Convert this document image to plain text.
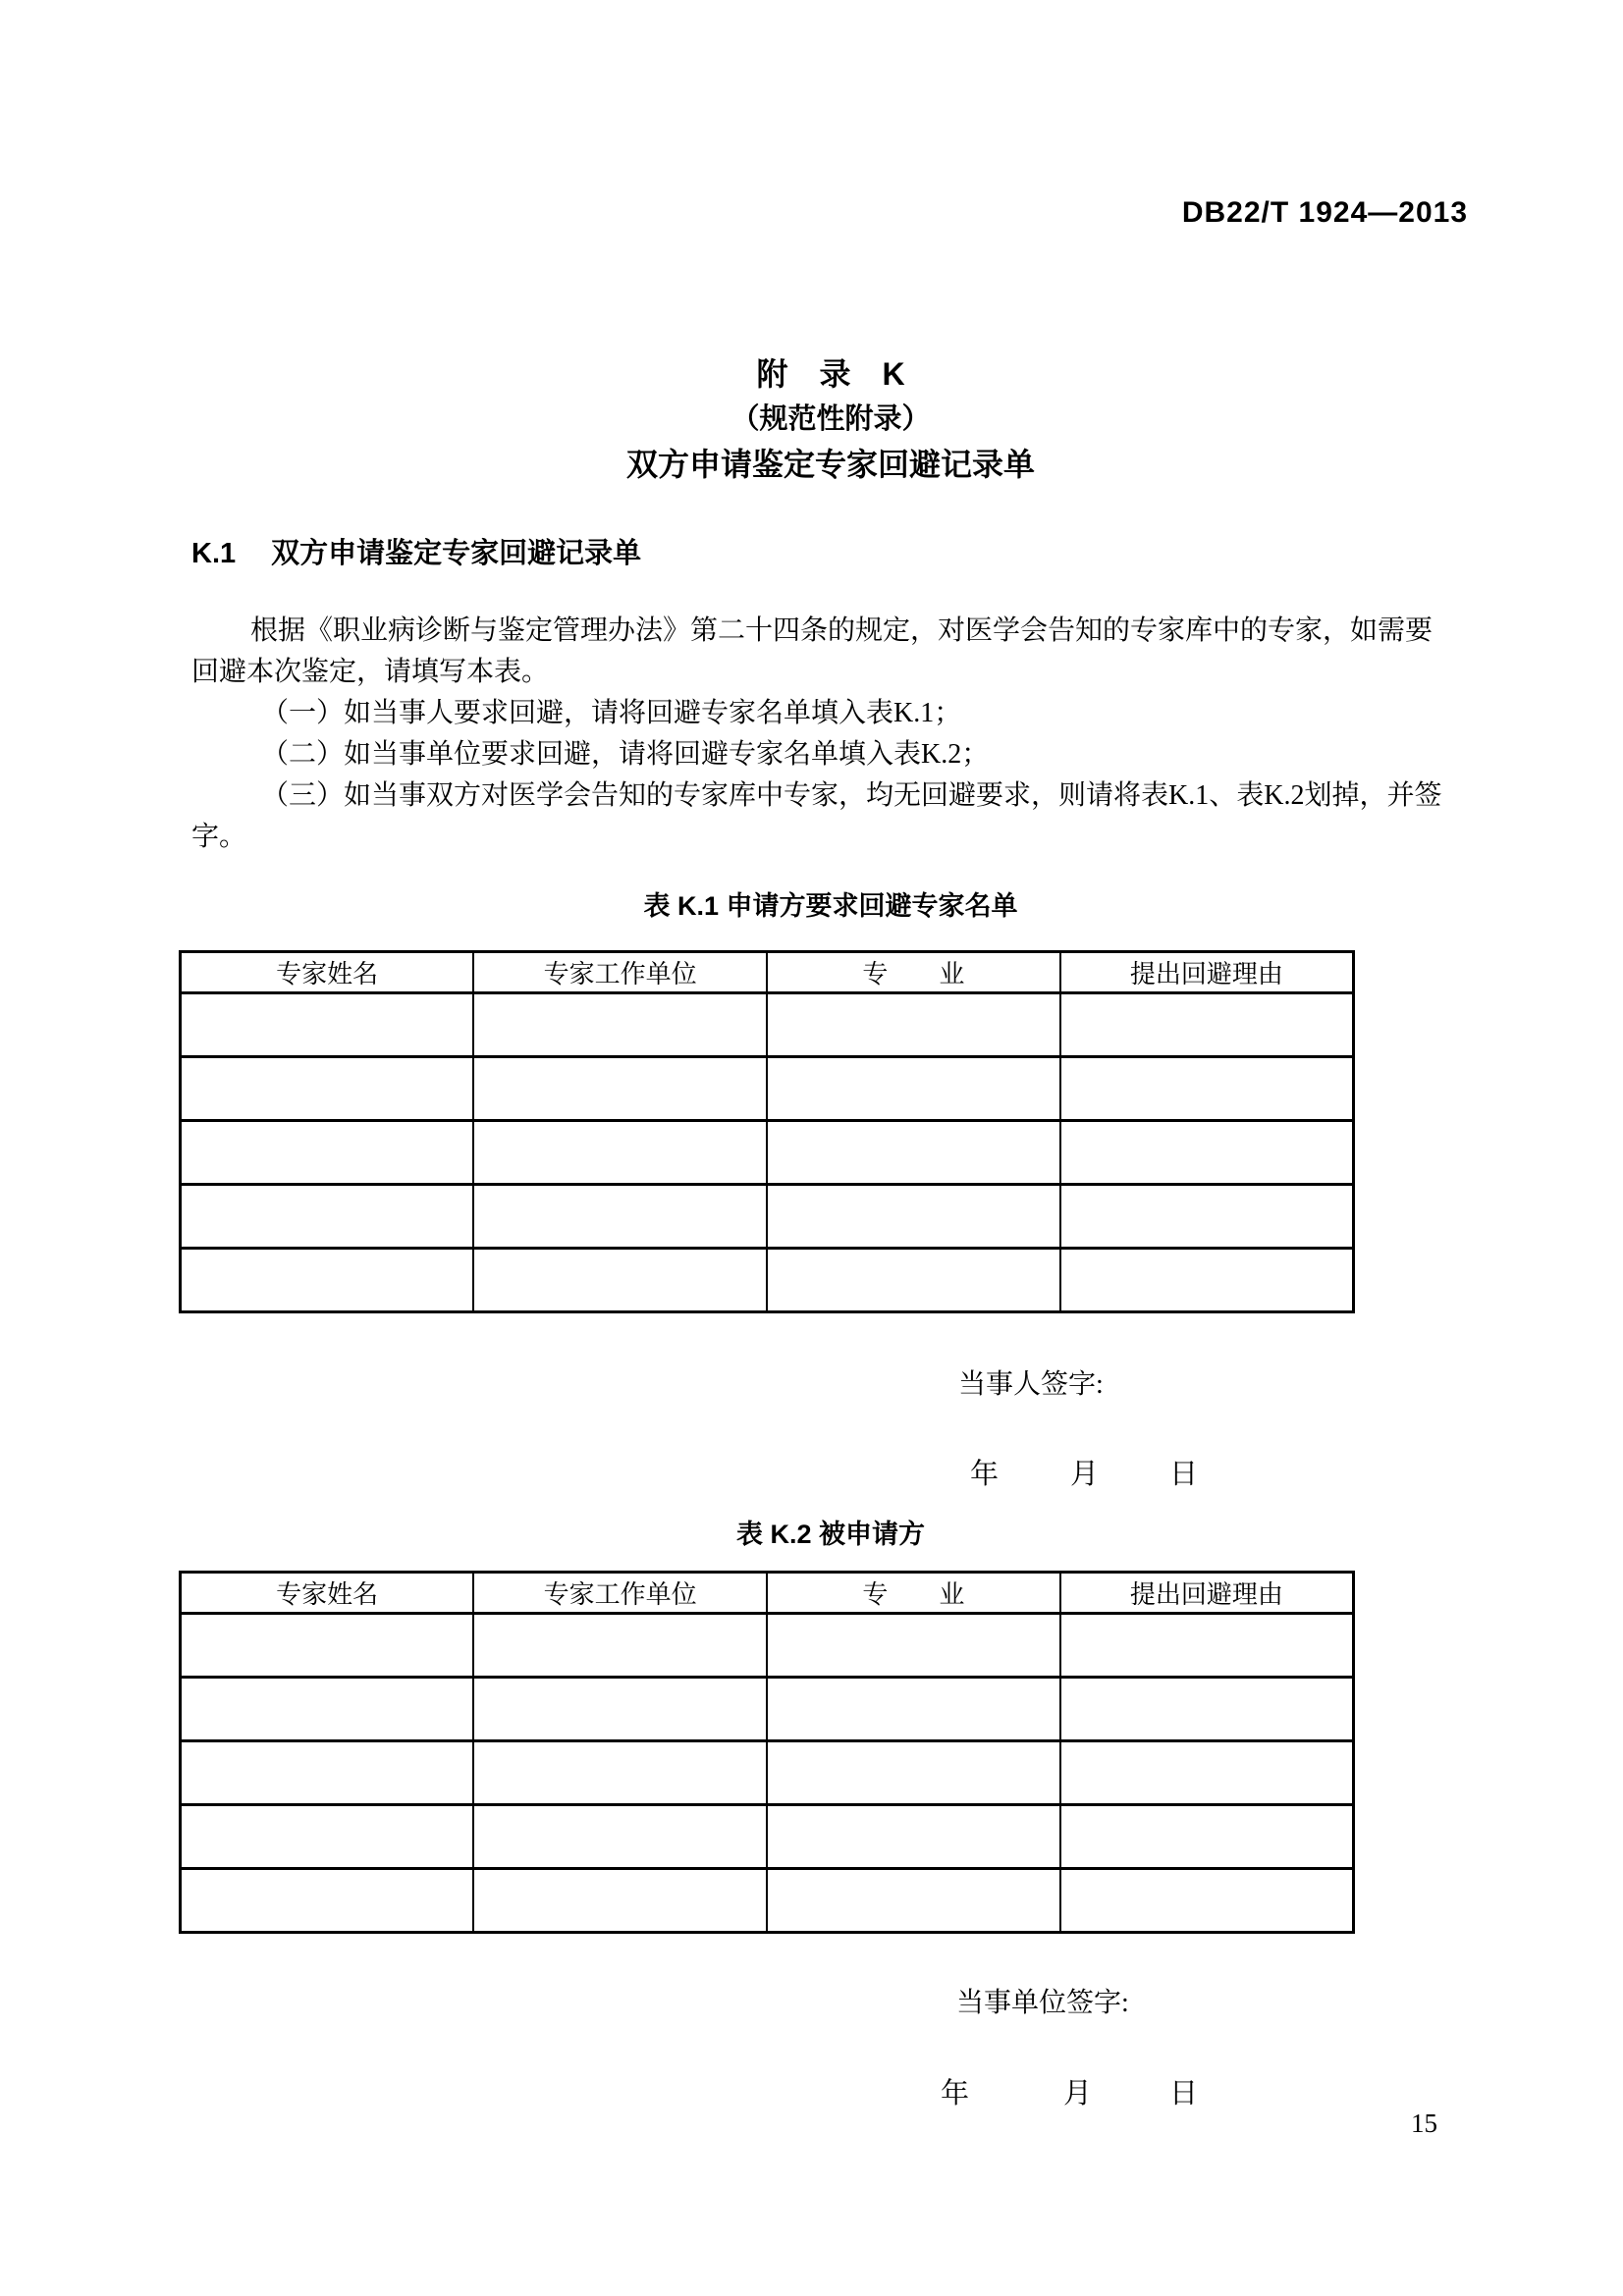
DB22/T 1924—2013
附　录　K
（规范性附录）
双方申请鉴定专家回避记录单
K.1 双方申请鉴定专家回避记录单
根据《职业病诊断与鉴定管理办法》第二十四条的规定，对医学会告知的专家库中的专家，如需要
回避本次鉴定，请填写本表。
（一）如当事人要求回避，请将回避专家名单填入表K.1；
（二）如当事单位要求回避，请将回避专家名单填入表K.2；
（三）如当事双方对医学会告知的专家库中专家，均无回避要求，则请将表K.1、表K.2划掉，并签
字。
表 K.1 申请方要求回避专家名单
专家姓名	专家工作单位	专　　业	提出回避理由

当事人签字:
年	月 日
表 K.2 被申请方
专家姓名	专家工作单位	专　　业	提出回避理由

当事单位签字:
年	月	日
15
